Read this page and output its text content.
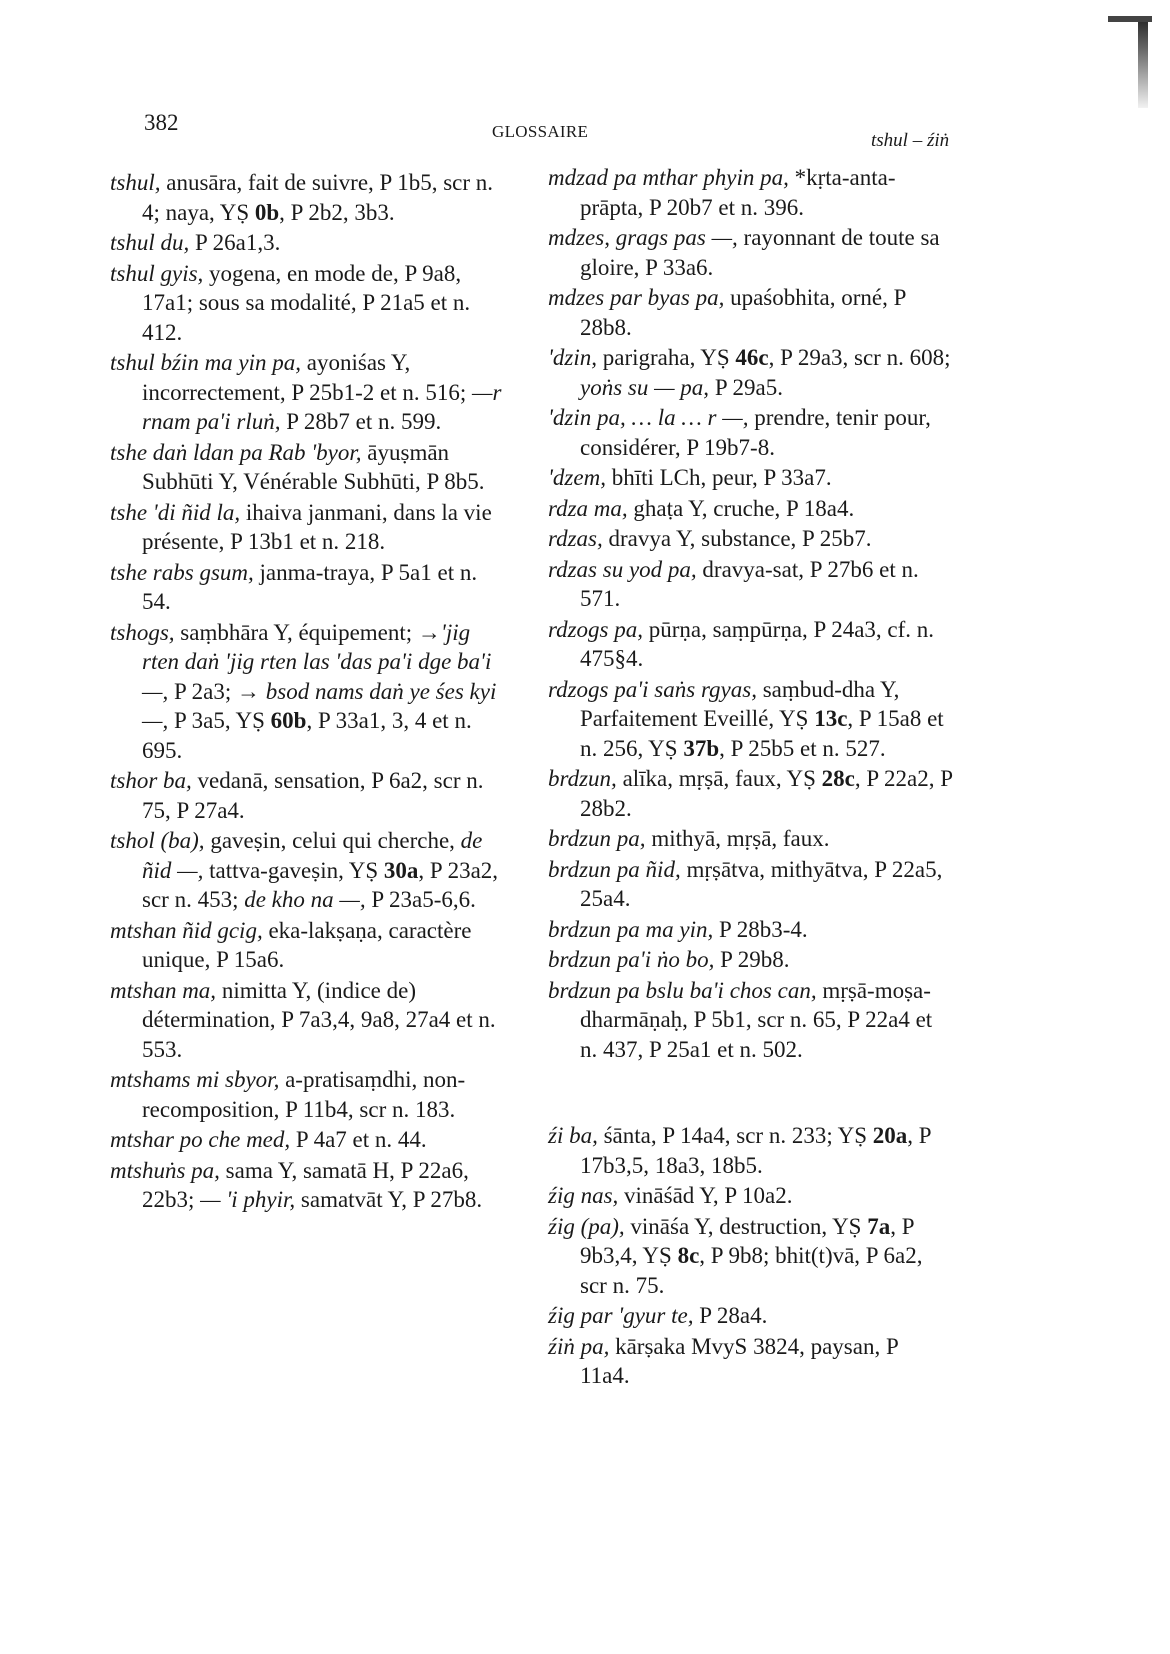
382	GLOSSAIRE	tshul – źiṅ

tshul, anusāra, fait de suivre, P 1b5, scr n. 4; naya, YṢ 0b, P 2b2, 3b3.

tshul du, P 26a1,3.

tshul gyis, yogena, en mode de, P 9a8, 17a1; sous sa modalité, P 21a5 et n. 412.

tshul bźin ma yin pa, ayoniśas Y, incorrectement, P 25b1-2 et n. 516; —r rnam pa'i rluṅ, P 28b7 et n. 599.

tshe daṅ ldan pa Rab 'byor, āyuṣmān Subhūti Y, Vénérable Subhūti, P 8b5.

tshe 'di ñid la, ihaiva janmani, dans la vie présente, P 13b1 et n. 218.

tshe rabs gsum, janma-traya, P 5a1 et n. 54.

tshogs, saṃbhāra Y, équipement; →'jig rten daṅ 'jig rten las 'das pa'i dge ba'i —, P 2a3; → bsod nams daṅ ye śes kyi —, P 3a5, YṢ 60b, P 33a1, 3, 4 et n. 695.

tshor ba, vedanā, sensation, P 6a2, scr n. 75, P 27a4.

tshol (ba), gaveṣin, celui qui cherche, de ñid —, tattva-gaveṣin, YṢ 30a, P 23a2, scr n. 453; de kho na —, P 23a5-6,6.

mtshan ñid gcig, eka-lakṣaṇa, caractère unique, P 15a6.

mtshan ma, nimitta Y, (indice de) détermination, P 7a3,4, 9a8, 27a4 et n. 553.

mtshams mi sbyor, a-pratisaṃdhi, non-recomposition, P 11b4, scr n. 183.

mtshar po che med, P 4a7 et n. 44.

mtshuṅs pa, sama Y, samatā H, P 22a6, 22b3; — 'i phyir, samatvāt Y, P 27b8.

mdzad pa mthar phyin pa, *kṛta-anta-prāpta, P 20b7 et n. 396.

mdzes, grags pas —, rayonnant de toute sa gloire, P 33a6.

mdzes par byas pa, upaśobhita, orné, P 28b8.

'dzin, parigraha, YṢ 46c, P 29a3, scr n. 608; yoṅs su — pa, P 29a5.

'dzin pa, … la … r —, prendre, tenir pour, considérer, P 19b7-8.

'dzem, bhīti LCh, peur, P 33a7.

rdza ma, ghaṭa Y, cruche, P 18a4.

rdzas, dravya Y, substance, P 25b7.

rdzas su yod pa, dravya-sat, P 27b6 et n. 571.

rdzogs pa, pūrṇa, saṃpūrṇa, P 24a3, cf. n. 475§4.

rdzogs pa'i saṅs rgyas, saṃbud-dha Y, Parfaitement Eveillé, YṢ 13c, P 15a8 et n. 256, YṢ 37b, P 25b5 et n. 527.

brdzun, alīka, mṛṣā, faux, YṢ 28c, P 22a2, P 28b2.

brdzun pa, mithyā, mṛṣā, faux.

brdzun pa ñid, mṛṣātva, mithyātva, P 22a5, 25a4.

brdzun pa ma yin, P 28b3-4.

brdzun pa'i ṅo bo, P 29b8.

brdzun pa bslu ba'i chos can, mṛṣā-moṣa-dharmāṇaḥ, P 5b1, scr n. 65, P 22a4 et n. 437, P 25a1 et n. 502.

źi ba, śānta, P 14a4, scr n. 233; YṢ 20a, P 17b3,5, 18a3, 18b5.

źig nas, vināśād Y, P 10a2.

źig (pa), vināśa Y, destruction, YṢ 7a, P 9b3,4, YṢ 8c, P 9b8; bhit(t)vā, P 6a2, scr n. 75.

źig par 'gyur te, P 28a4.

źiṅ pa, kārṣaka MvyS 3824, paysan, P 11a4.
